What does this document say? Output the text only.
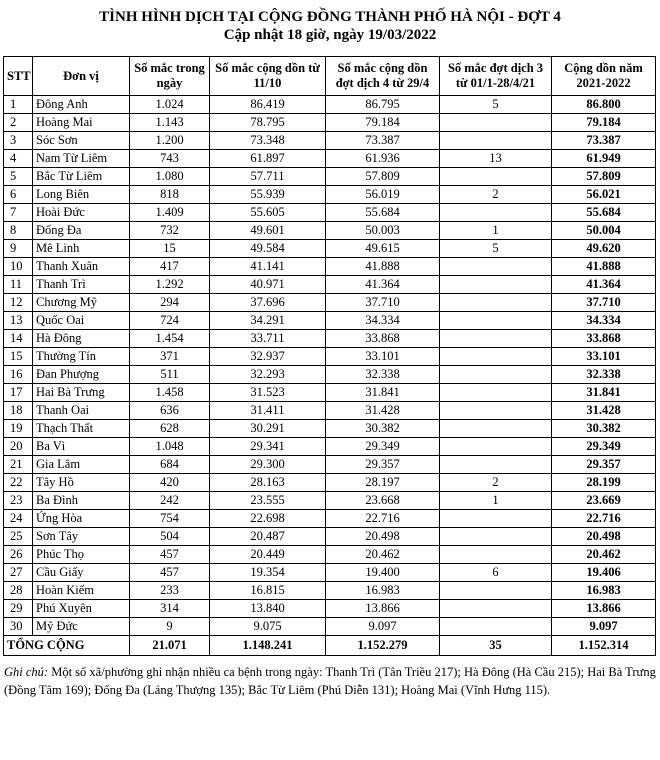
TÌNH HÌNH DỊCH TẠI CỘNG ĐỒNG THÀNH PHỐ HÀ NỘI - ĐỢT 4
Cập nhật 18 giờ, ngày 19/03/2022
STT	Đơn vị	Số mắc trong ngày	Số mắc cộng dồn từ 11/10	Số mắc cộng dồn đợt dịch 4 từ 29/4	Số mắc đợt dịch 3 từ 01/1-28/4/21	Cộng dồn năm 2021-2022
1	Đông Anh	1.024	86.419	86.795	5	86.800
2	Hoàng Mai	1.143	78.795	79.184		79.184
3	Sóc Sơn	1.200	73.348	73.387		73.387
4	Nam Từ Liêm	743	61.897	61.936	13	61.949
5	Bắc Từ Liêm	1.080	57.711	57.809		57.809
6	Long Biên	818	55.939	56.019	2	56.021
7	Hoài Đức	1.409	55.605	55.684		55.684
8	Đống Đa	732	49.601	50.003	1	50.004
9	Mê Linh	15	49.584	49.615	5	49.620
10	Thanh Xuân	417	41.141	41.888		41.888
11	Thanh Trì	1.292	40.971	41.364		41.364
12	Chương Mỹ	294	37.696	37.710		37.710
13	Quốc Oai	724	34.291	34.334		34.334
14	Hà Đông	1.454	33.711	33.868		33.868
15	Thường Tín	371	32.937	33.101		33.101
16	Đan Phượng	511	32.293	32.338		32.338
17	Hai Bà Trưng	1.458	31.523	31.841		31.841
18	Thanh Oai	636	31.411	31.428		31.428
19	Thạch Thất	628	30.291	30.382		30.382
20	Ba Vì	1.048	29.341	29.349		29.349
21	Gia Lâm	684	29.300	29.357		29.357
22	Tây Hồ	420	28.163	28.197	2	28.199
23	Ba Đình	242	23.555	23.668	1	23.669
24	Ứng Hòa	754	22.698	22.716		22.716
25	Sơn Tây	504	20.487	20.498		20.498
26	Phúc Thọ	457	20.449	20.462		20.462
27	Cầu Giấy	457	19.354	19.400	6	19.406
28	Hoàn Kiếm	233	16.815	16.983		16.983
29	Phú Xuyên	314	13.840	13.866		13.866
30	Mỹ Đức	9	9.075	9.097		9.097
TỔNG CỘNG		21.071	1.148.241	1.152.279	35	1.152.314
Ghi chú: Một số xã/phường ghi nhận nhiều ca bệnh trong ngày: Thanh Trì (Tân Triều 217); Hà Đông (Hà Cầu 215); Hai Bà Trưng (Đồng Tâm 169); Đống Đa (Láng Thượng 135); Bắc Từ Liêm (Phú Diễn 131); Hoàng Mai (Vĩnh Hưng 115).
